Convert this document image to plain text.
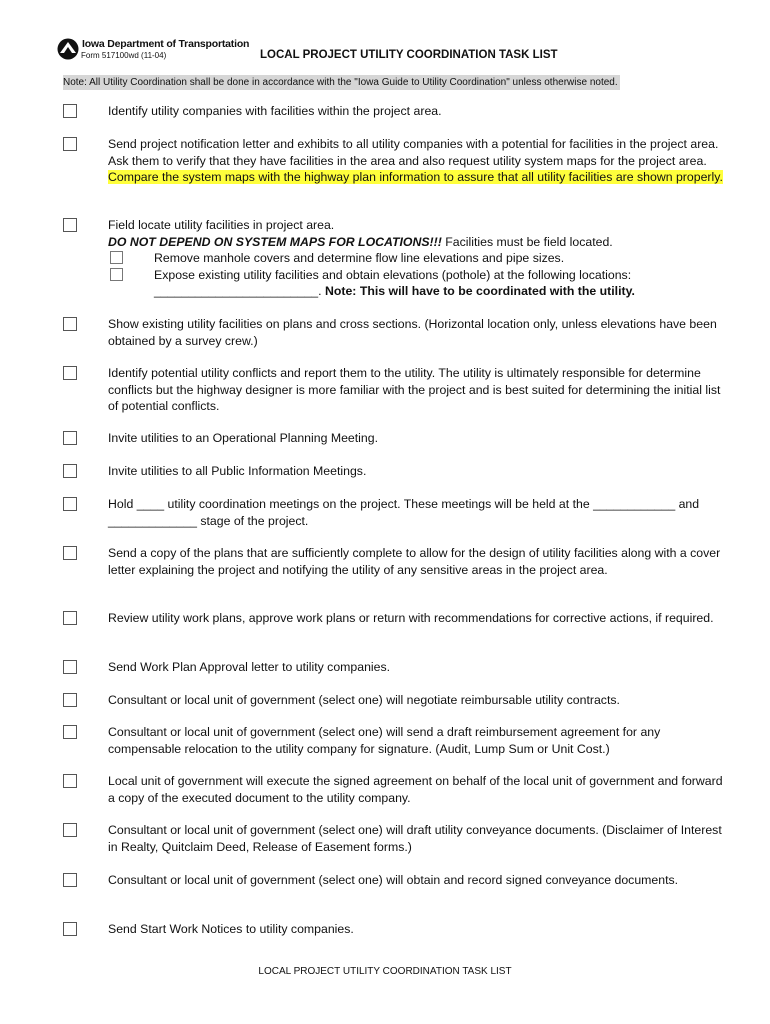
Iowa Department of Transportation
Form 517100wd (11-04)	LOCAL PROJECT UTILITY COORDINATION TASK LIST
Note: All Utility Coordination shall be done in accordance with the "Iowa Guide to Utility Coordination" unless otherwise noted.

Identify utility companies with facilities within the project area.

Send project notification letter and exhibits to all utility companies with a potential for facilities in the project area. Ask them to verify that they have facilities in the area and also request utility system maps for the project area. Compare the system maps with the highway plan information to assure that all utility facilities are shown properly.

Field locate utility facilities in project area.

DO NOT DEPEND ON SYSTEM MAPS FOR LOCATIONS!!! Facilities must be field located.

Remove manhole covers and determine flow line elevations and pipe sizes.

Expose existing utility facilities and obtain elevations (pothole) at the following locations:

________________________. Note: This will have to be coordinated with the utility.

Show existing utility facilities on plans and cross sections. (Horizontal location only, unless elevations have been obtained by a survey crew.)

Identify potential utility conflicts and report them to the utility. The utility is ultimately responsible for determine conflicts but the highway designer is more familiar with the project and is best suited for determining the initial list of potential conflicts.

Invite utilities to an Operational Planning Meeting.

Invite utilities to all Public Information Meetings.

Hold ____ utility coordination meetings on the project. These meetings will be held at the ____________ and _____________ stage of the project.

Send a copy of the plans that are sufficiently complete to allow for the design of utility facilities along with a cover letter explaining the project and notifying the utility of any sensitive areas in the project area.

Review utility work plans, approve work plans or return with recommendations for corrective actions, if required.

Send Work Plan Approval letter to utility companies.

Consultant or local unit of government (select one) will negotiate reimbursable utility contracts.

Consultant or local unit of government (select one) will send a draft reimbursement agreement for any compensable relocation to the utility company for signature. (Audit, Lump Sum or Unit Cost.)

Local unit of government will execute the signed agreement on behalf of the local unit of government and forward a copy of the executed document to the utility company.

Consultant or local unit of government (select one) will draft utility conveyance documents. (Disclaimer of Interest in Realty, Quitclaim Deed, Release of Easement forms.)

Consultant or local unit of government (select one) will obtain and record signed conveyance documents.

Send Start Work Notices to utility companies.

LOCAL PROJECT UTILITY COORDINATION TASK LIST
